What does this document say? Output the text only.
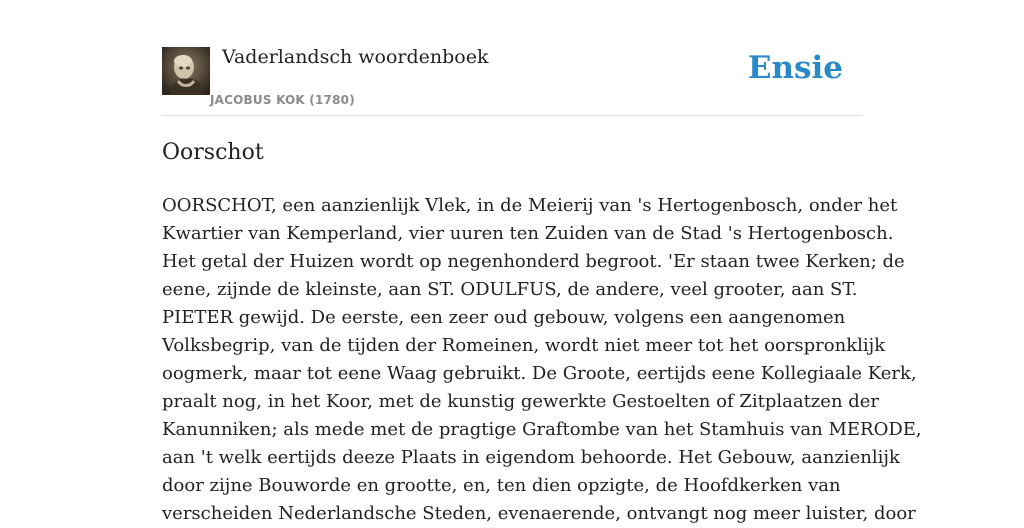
Vaderlandsch woordenboek
JACOBUS KOK (1780)
Ensie
Oorschot

OORSCHOT, een aanzienlijk Vlek, in de Meierij van 's Hertogenbosch, onder het
Kwartier van Kemperland, vier uuren ten Zuiden van de Stad 's Hertogenbosch.
Het getal der Huizen wordt op negenhonderd begroot. 'Er staan twee Kerken; de
eene, zijnde de kleinste, aan ST. ODULFUS, de andere, veel grooter, aan ST.
PIETER gewijd. De eerste, een zeer oud gebouw, volgens een aangenomen
Volksbegrip, van de tijden der Romeinen, wordt niet meer tot het oorspronklijk
oogmerk, maar tot eene Waag gebruikt. De Groote, eertijds eene Kollegiaale Kerk,
praalt nog, in het Koor, met de kunstig gewerkte Gestoelten of Zitplaatzen der
Kanunniken; als mede met de pragtige Graftombe van het Stamhuis van MERODE,
aan 't welk eertijds deeze Plaats in eigendom behoorde. Het Gebouw, aanzienlijk
door zijne Bouworde en grootte, en, ten dien opzigte, de Hoofdkerken van
verscheiden Nederlandsche Steden, evenaerende, ontvangt nog meer luister, door
